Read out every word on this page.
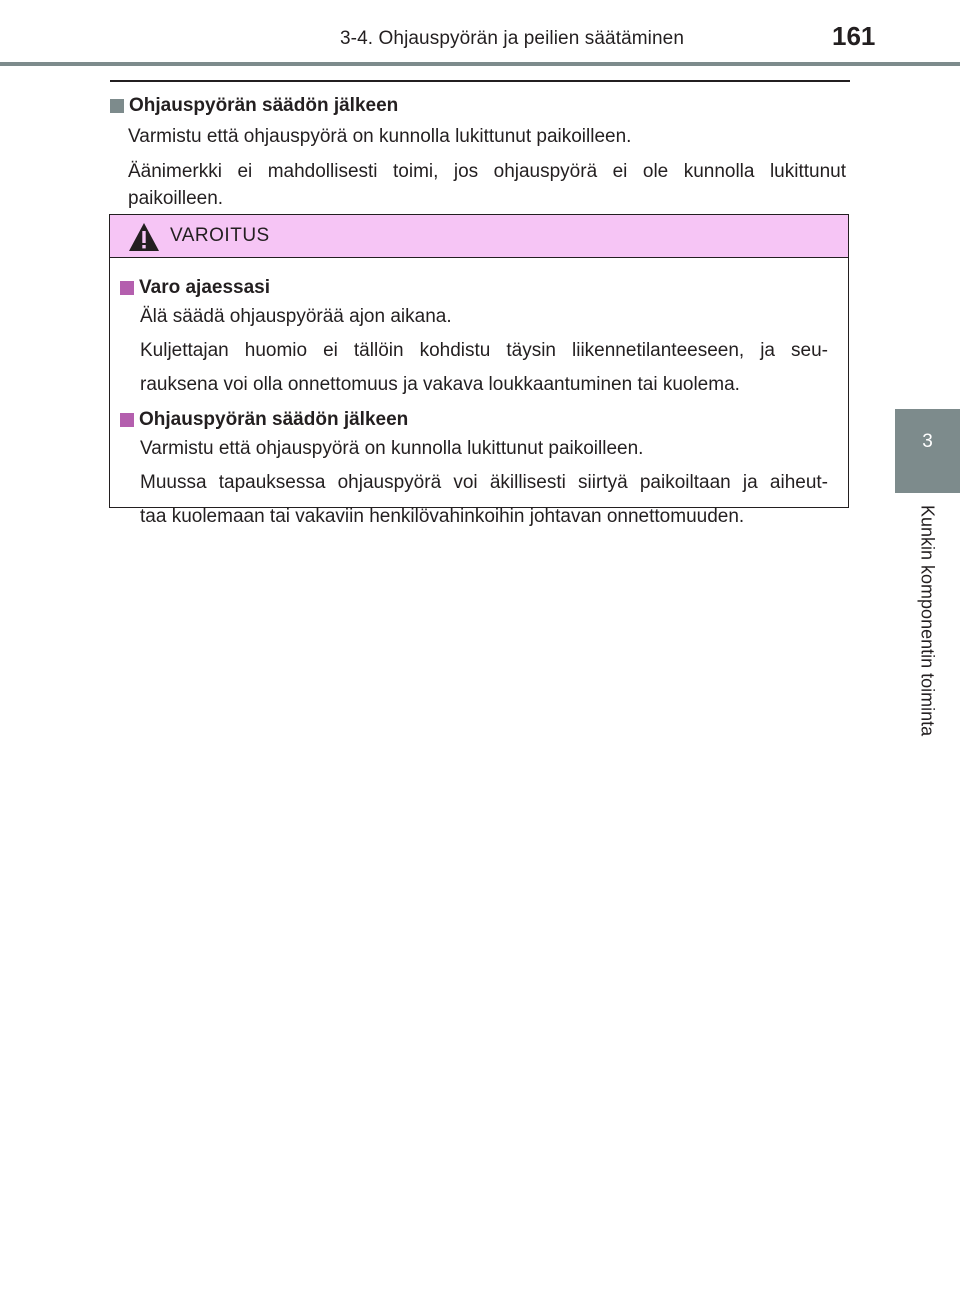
3-4. Ohjauspyörän ja peilien säätäminen	161
3
Kunkin komponentin toiminta
Ohjauspyörän säädön jälkeen
Varmistu että ohjauspyörä on kunnolla lukittunut paikoilleen.
Äänimerkki ei mahdollisesti toimi, jos ohjauspyörä ei ole kunnolla lukittunut paikoilleen.
VAROITUS
Varo ajaessasi
Älä säädä ohjauspyörää ajon aikana.
Kuljettajan huomio ei tällöin kohdistu täysin liikennetilanteeseen, ja seu-
rauksena voi olla onnettomuus ja vakava loukkaantuminen tai kuolema.
Ohjauspyörän säädön jälkeen
Varmistu että ohjauspyörä on kunnolla lukittunut paikoilleen.
Muussa tapauksessa ohjauspyörä voi äkillisesti siirtyä paikoiltaan ja aiheut-
taa kuolemaan tai vakaviin henkilövahinkoihin johtavan onnettomuuden.
